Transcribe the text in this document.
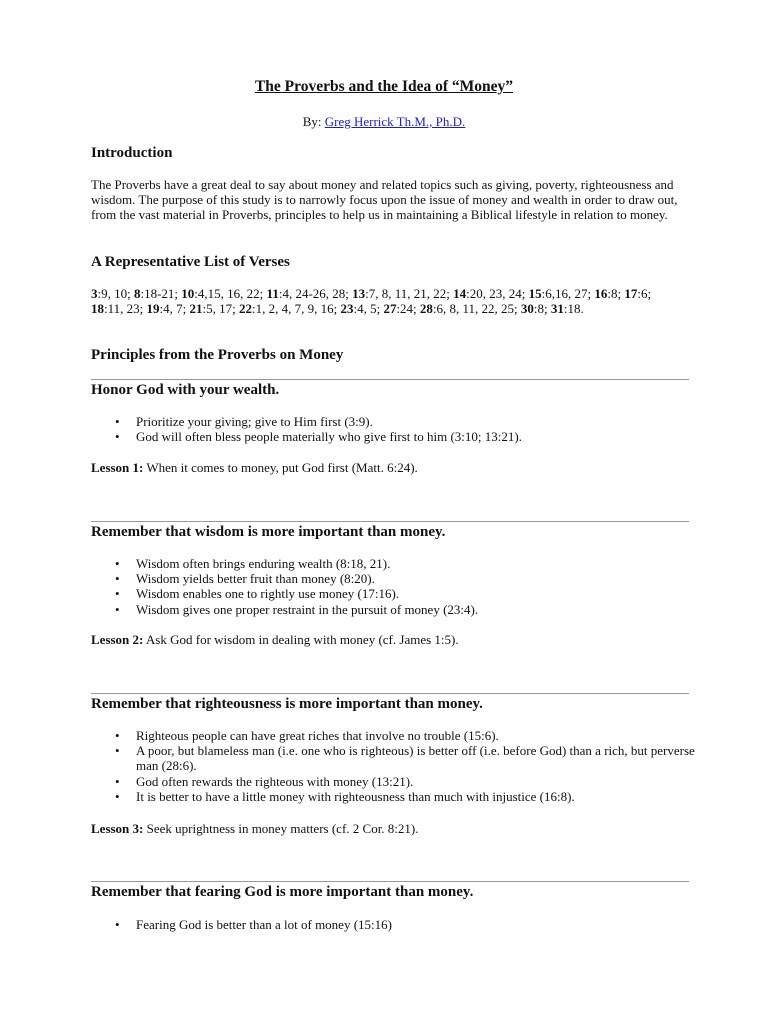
The Proverbs and the Idea of “Money”
By: Greg Herrick Th.M., Ph.D.
Introduction
The Proverbs have a great deal to say about money and related topics such as giving, poverty, righteousness and wisdom. The purpose of this study is to narrowly focus upon the issue of money and wealth in order to draw out, from the vast material in Proverbs, principles to help us in maintaining a Biblical lifestyle in relation to money.
A Representative List of Verses
3:9, 10; 8:18-21; 10:4,15, 16, 22; 11:4, 24-26, 28; 13:7, 8, 11, 21, 22; 14:20, 23, 24; 15:6,16, 27; 16:8; 17:6; 18:11, 23; 19:4, 7; 21:5, 17; 22:1, 2, 4, 7, 9, 16; 23:4, 5; 27:24; 28:6, 8, 11, 22, 25; 30:8; 31:18.
Principles from the Proverbs on Money
Honor God with your wealth.
• Prioritize your giving; give to Him first (3:9).
• God will often bless people materially who give first to him (3:10; 13:21).
Lesson 1: When it comes to money, put God first (Matt. 6:24).
Remember that wisdom is more important than money.
• Wisdom often brings enduring wealth (8:18, 21).
• Wisdom yields better fruit than money (8:20).
• Wisdom enables one to rightly use money (17:16).
• Wisdom gives one proper restraint in the pursuit of money (23:4).
Lesson 2: Ask God for wisdom in dealing with money (cf. James 1:5).
Remember that righteousness is more important than money.
• Righteous people can have great riches that involve no trouble (15:6).
• A poor, but blameless man (i.e. one who is righteous) is better off (i.e. before God) than a rich, but perverse man (28:6).
• God often rewards the righteous with money (13:21).
• It is better to have a little money with righteousness than much with injustice (16:8).
Lesson 3: Seek uprightness in money matters (cf. 2 Cor. 8:21).
Remember that fearing God is more important than money.
• Fearing God is better than a lot of money (15:16)
